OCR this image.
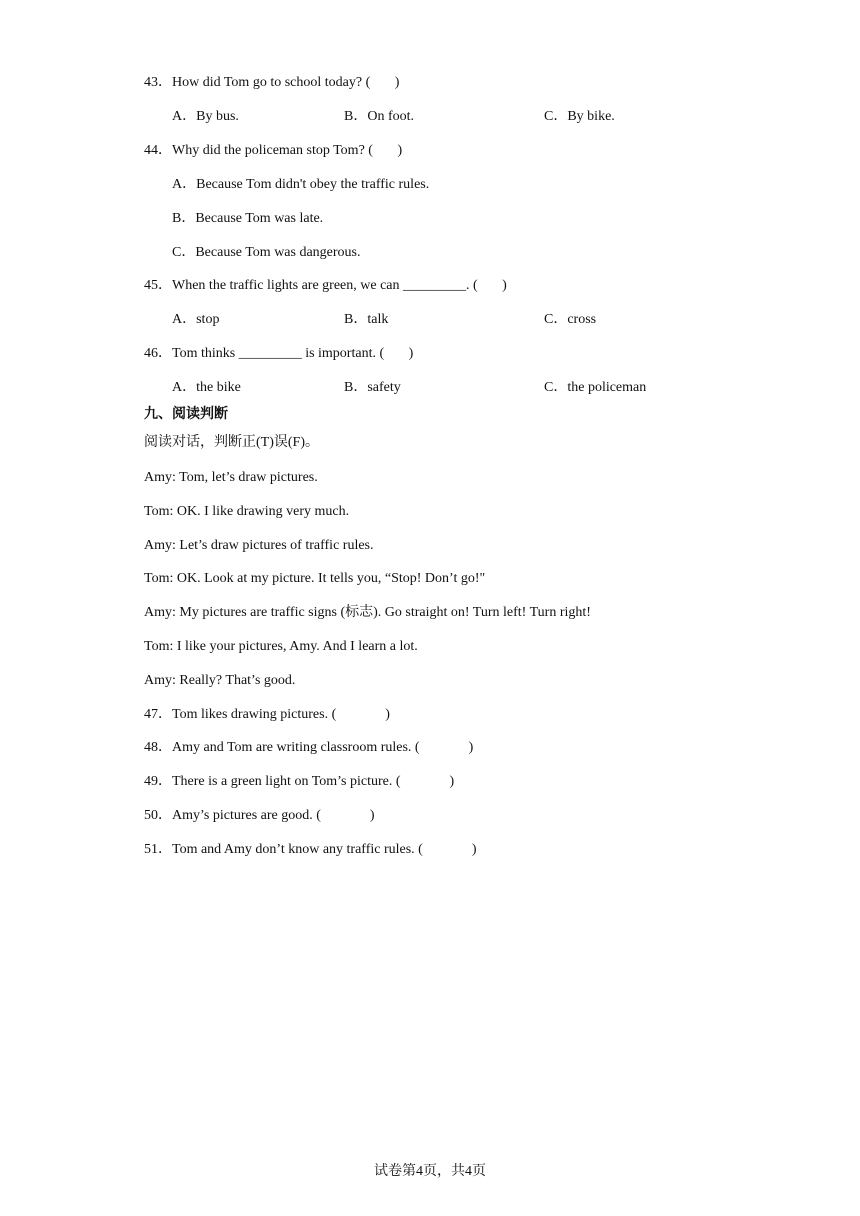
43．How did Tom go to school today? (       )
A．By bus.	B．On foot.	C．By bike.
44．Why did the policeman stop Tom? (       )
A．Because Tom didn't obey the traffic rules.
B．Because Tom was late.
C．Because Tom was dangerous.
45．When the traffic lights are green, we can _________. (       )
A．stop	B．talk	C．cross
46．Tom thinks _________ is important. (       )
A．the bike	B．safety	C．the policeman
九、阅读判断
阅读对话，判断正(T)误(F)。
Amy: Tom, let’s draw pictures.
Tom: OK. I like drawing very much.
Amy: Let’s draw pictures of traffic rules.
Tom: OK. Look at my picture. It tells you, “Stop! Don’t go!"
Amy: My pictures are traffic signs (标志). Go straight on! Turn left! Turn right!
Tom: I like your pictures, Amy. And I learn a lot.
Amy: Really? That’s good.
47．Tom likes drawing pictures. (              )
48．Amy and Tom are writing classroom rules. (              )
49．There is a green light on Tom’s picture. (              )
50．Amy’s pictures are good. (              )
51．Tom and Amy don’t know any traffic rules. (              )
试卷第4页，共4页
